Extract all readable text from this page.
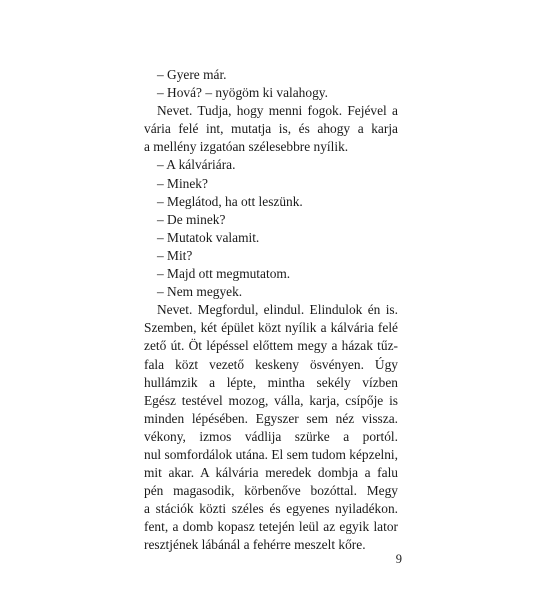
– Gyere már.
– Hová? – nyögöm ki valahogy.
Nevet. Tudja, hogy menni fogok. Fejével a
vária felé int, mutatja is, és ahogy a karja
a mellény izgatóan szélesebbre nyílik.
– A kálváriára.
– Minek?
– Meglátod, ha ott leszünk.
– De minek?
– Mutatok valamit.
– Mit?
– Majd ott megmutatom.
– Nem megyek.
Nevet. Megfordul, elindul. Elindulok én is.
Szemben, két épület közt nyílik a kálvária felé
zető út. Öt lépéssel előttem megy a házak tűz-
fala közt vezető keskeny ösvényen. Úgy
hullámzik a lépte, mintha sekély vízben
Egész testével mozog, válla, karja, csípője is
minden lépésében. Egyszer sem néz vissza.
vékony, izmos vádlija szürke a portól.
nul somfordálok utána. El sem tudom képzelni,
mit akar. A kálvária meredek dombja a falu
pén magasodik, körbenőve bozóttal. Megy
a stációk közti széles és egyenes nyiladékon.
fent, a domb kopasz tetején leül az egyik lator
resztjének lábánál a fehérre meszelt kőre.
9
